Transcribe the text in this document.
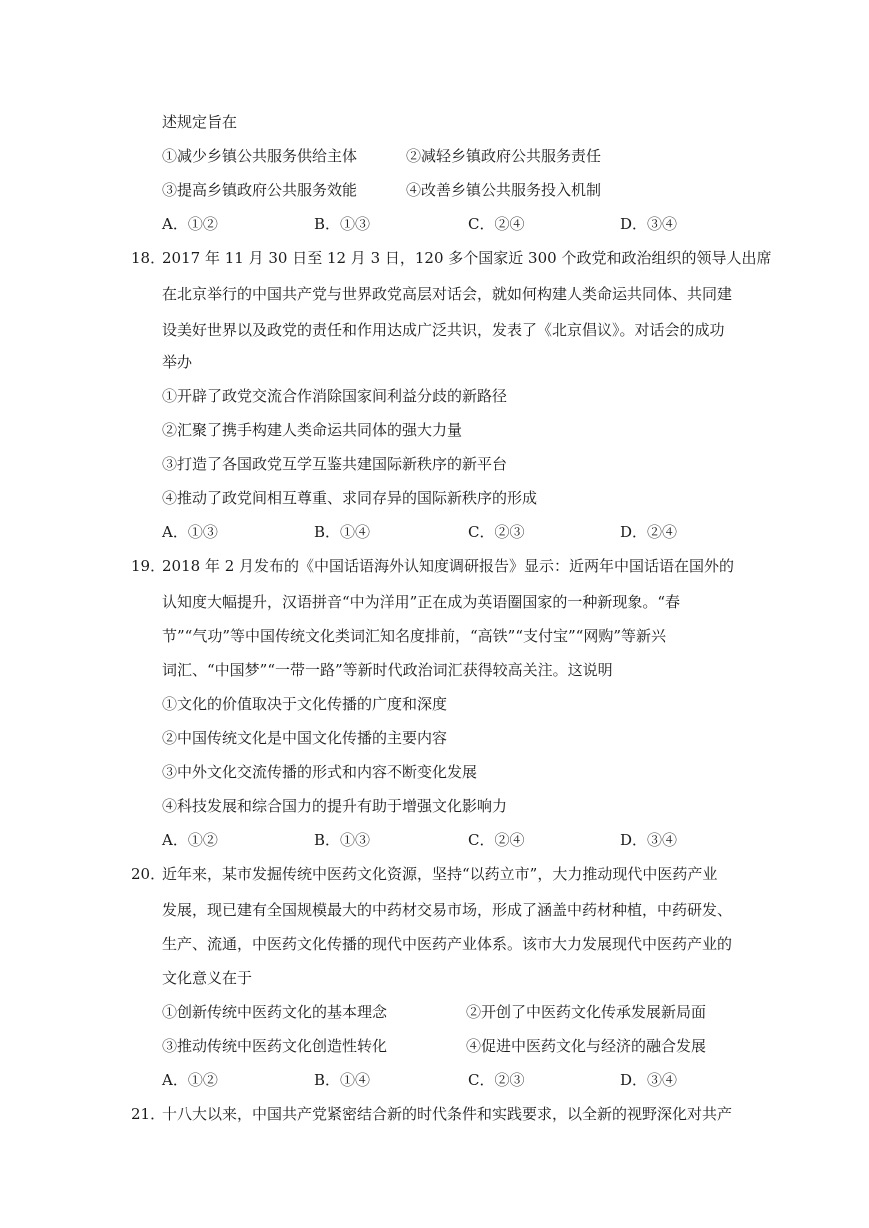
述规定旨在
①减少乡镇公共服务供给主体	②减轻乡镇政府公共服务责任
③提高乡镇政府公共服务效能	④改善乡镇公共服务投入机制
A．①②	B．①③	C．②④	D．③④
18．
2017 年 11 月 30 日至 12 月 3 日，120 多个国家近 300 个政党和政治组织的领导人出席
在北京举行的中国共产党与世界政党高层对话会，就如何构建人类命运共同体、共同建
设美好世界以及政党的责任和作用达成广泛共识，发表了《北京倡议》。对话会的成功
举办
①开辟了政党交流合作消除国家间利益分歧的新路径
②汇聚了携手构建人类命运共同体的强大力量
③打造了各国政党互学互鉴共建国际新秩序的新平台
④推动了政党间相互尊重、求同存异的国际新秩序的形成
A．①③	B．①④	C．②③	D．②④
19．
2018 年 2 月发布的《中国话语海外认知度调研报告》显示：近两年中国话语在国外的
认知度大幅提升，汉语拼音“中为洋用”正在成为英语圈国家的一种新现象。“春
节”“气功”等中国传统文化类词汇知名度排前，“高铁”“支付宝”“网购”等新兴
词汇、“中国梦”“一带一路”等新时代政治词汇获得较高关注。这说明
①文化的价值取决于文化传播的广度和深度
②中国传统文化是中国文化传播的主要内容
③中外文化交流传播的形式和内容不断变化发展
④科技发展和综合国力的提升有助于增强文化影响力
A．①②	B．①③	C．②④	D．③④
20．
近年来，某市发掘传统中医药文化资源，坚持“以药立市”，大力推动现代中医药产业
发展，现已建有全国规模最大的中药材交易市场，形成了涵盖中药材种植，中药研发、
生产、流通，中医药文化传播的现代中医药产业体系。该市大力发展现代中医药产业的
文化意义在于
①创新传统中医药文化的基本理念	②开创了中医药文化传承发展新局面
③推动传统中医药文化创造性转化	④促进中医药文化与经济的融合发展
A．①②	B．①④	C．②③	D．③④
21．
十八大以来，中国共产党紧密结合新的时代条件和实践要求，以全新的视野深化对共产
